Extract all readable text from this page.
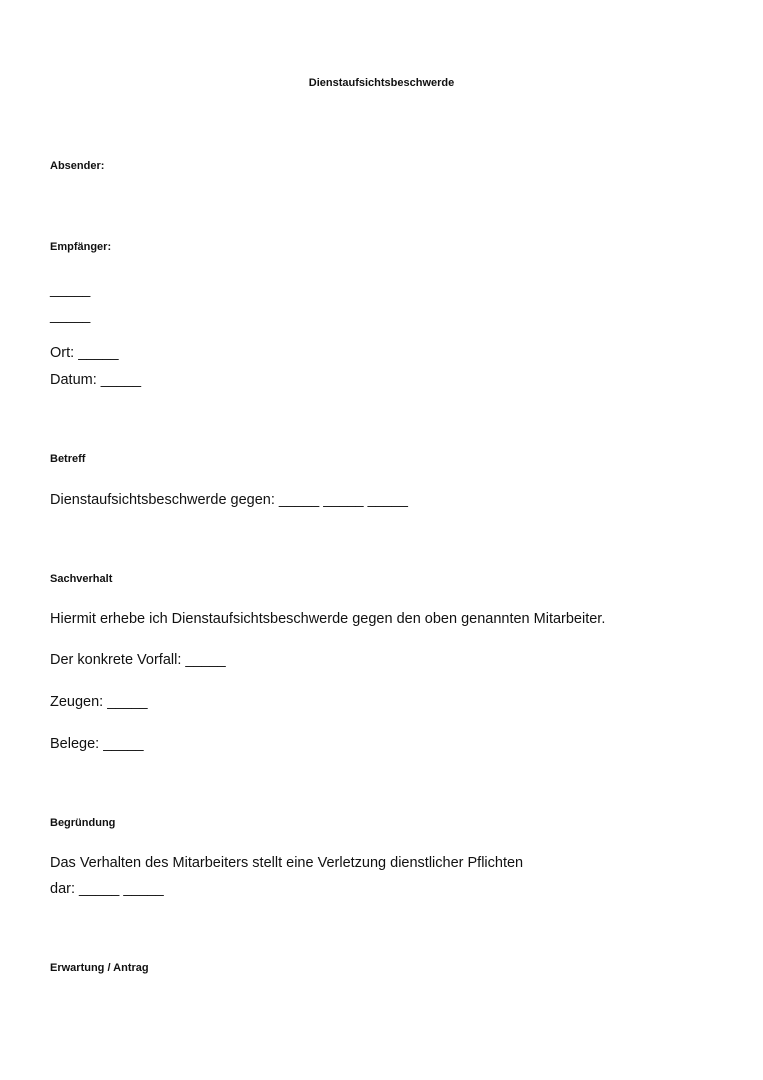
Dienstaufsichtsbeschwerde
Absender:
Empfänger:
_____
_____
Ort: _____
Datum: _____
Betreff
Dienstaufsichtsbeschwerde gegen: _____ _____ _____
Sachverhalt
Hiermit erhebe ich Dienstaufsichtsbeschwerde gegen den oben genannten Mitarbeiter.
Der konkrete Vorfall: _____
Zeugen: _____
Belege: _____
Begründung
Das Verhalten des Mitarbeiters stellt eine Verletzung dienstlicher Pflichten
dar: _____ _____
Erwartung / Antrag
